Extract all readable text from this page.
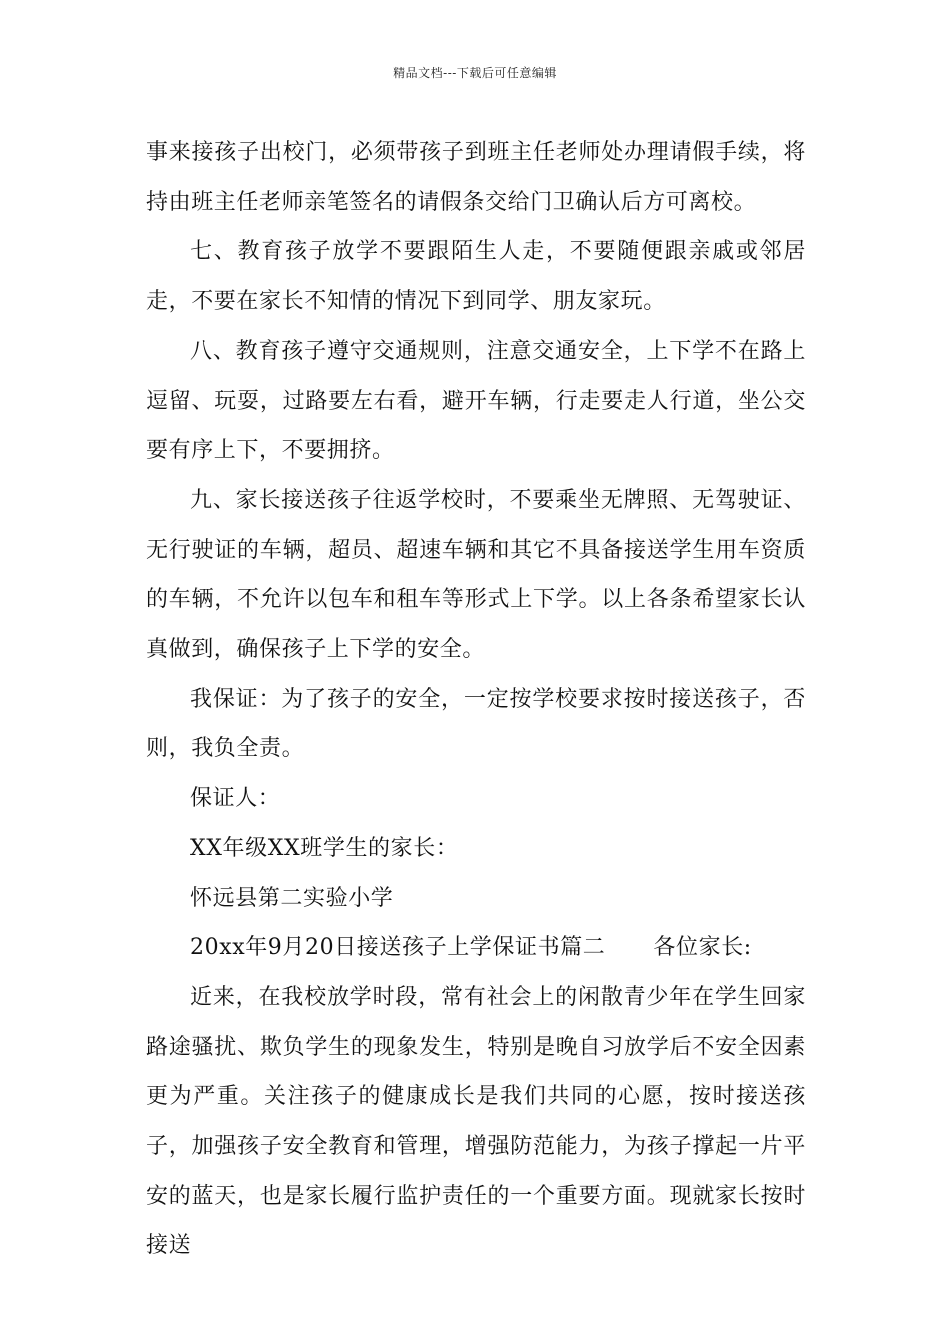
精品文档---下载后可任意编辑

事来接孩子出校门，必须带孩子到班主任老师处办理请假手续，将持由班主任老师亲笔签名的请假条交给门卫确认后方可离校。

七、教育孩子放学不要跟陌生人走，不要随便跟亲戚或邻居走，不要在家长不知情的情况下到同学、朋友家玩。

八、教育孩子遵守交通规则，注意交通安全，上下学不在路上逗留、玩耍，过路要左右看，避开车辆，行走要走人行道，坐公交要有序上下，不要拥挤。

九、家长接送孩子往返学校时，不要乘坐无牌照、无驾驶证、无行驶证的车辆，超员、超速车辆和其它不具备接送学生用车资质的车辆，不允许以包车和租车等形式上下学。以上各条希望家长认真做到，确保孩子上下学的安全。

我保证：为了孩子的安全，一定按学校要求按时接送孩子，否则，我负全责。

保证人：

XX年级XX班学生的家长：

怀远县第二实验小学

20xx年9月20日接送孩子上学保证书篇二 各位家长:

近来，在我校放学时段，常有社会上的闲散青少年在学生回家路途骚扰、欺负学生的现象发生，特别是晚自习放学后不安全因素更为严重。关注孩子的健康成长是我们共同的心愿，按时接送孩子，加强孩子安全教育和管理，增强防范能力，为孩子撑起一片平安的蓝天，也是家长履行监护责任的一个重要方面。现就家长按时接送
